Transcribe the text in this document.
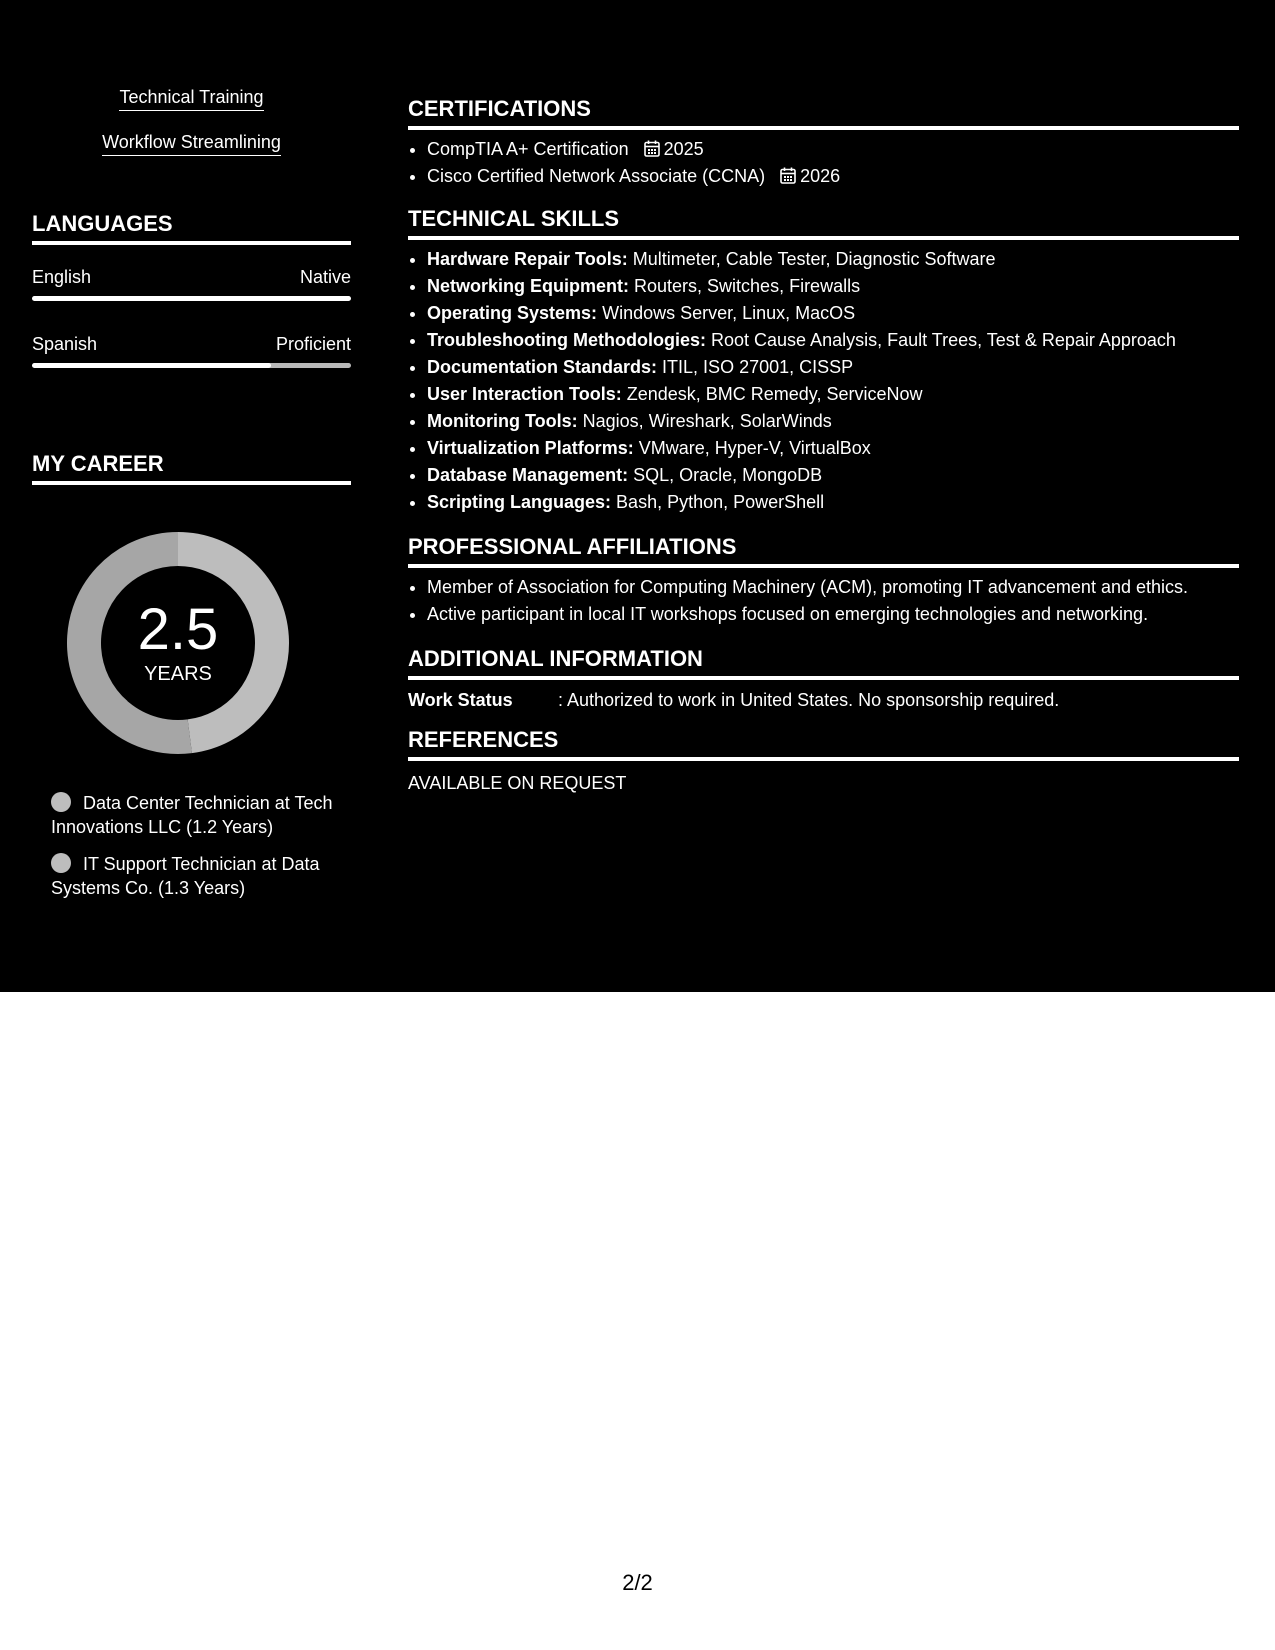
Technical Training
Workflow Streamlining
LANGUAGES
English	Native
Spanish	Proficient
MY CAREER
2.5
YEARS
Data Center Technician at Tech Innovations LLC (1.2 Years)
IT Support Technician at Data Systems Co. (1.3 Years)
CERTIFICATIONS
• CompTIA A+ Certification 2025
• Cisco Certified Network Associate (CCNA) 2026
TECHNICAL SKILLS
• Hardware Repair Tools: Multimeter, Cable Tester, Diagnostic Software
• Networking Equipment: Routers, Switches, Firewalls
• Operating Systems: Windows Server, Linux, MacOS
• Troubleshooting Methodologies: Root Cause Analysis, Fault Trees, Test & Repair Approach
• Documentation Standards: ITIL, ISO 27001, CISSP
• User Interaction Tools: Zendesk, BMC Remedy, ServiceNow
• Monitoring Tools: Nagios, Wireshark, SolarWinds
• Virtualization Platforms: VMware, Hyper-V, VirtualBox
• Database Management: SQL, Oracle, MongoDB
• Scripting Languages: Bash, Python, PowerShell
PROFESSIONAL AFFILIATIONS
• Member of Association for Computing Machinery (ACM), promoting IT advancement and ethics.
• Active participant in local IT workshops focused on emerging technologies and networking.
ADDITIONAL INFORMATION
Work Status	: Authorized to work in United States. No sponsorship required.
REFERENCES
AVAILABLE ON REQUEST
2/2
